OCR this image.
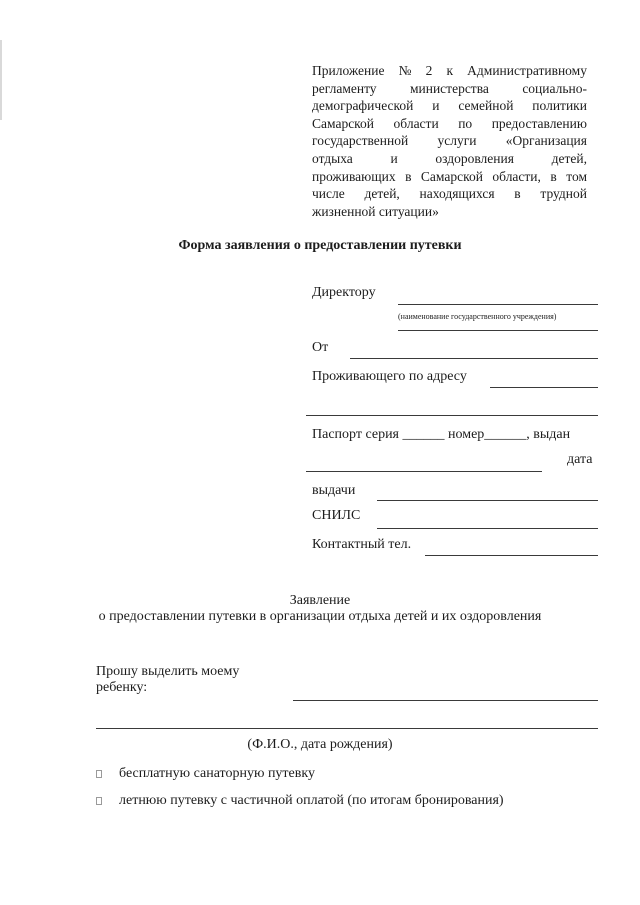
Приложение № 2 к Административному
регламенту министерства социально-
демографической и семейной политики
Самарской области по предоставлению
государственной услуги «Организация
отдыха	и	оздоровления	детей,
проживающих в Самарской области, в том
числе детей, находящихся в трудной
жизненной ситуации»
Форма заявления о предоставлении путевки
Директору
(наименование государственного учреждения)
От
Проживающего по адресу
Паспорт серия ______ номер______, выдан
дата
выдачи
СНИЛС
Контактный тел.
Заявление
о предоставлении путевки в организации отдыха детей и их оздоровления
Прошу выделить моему
ребенку:
(Ф.И.О., дата рождения)
бесплатную санаторную путевку
летнюю путевку с частичной оплатой (по итогам бронирования)
